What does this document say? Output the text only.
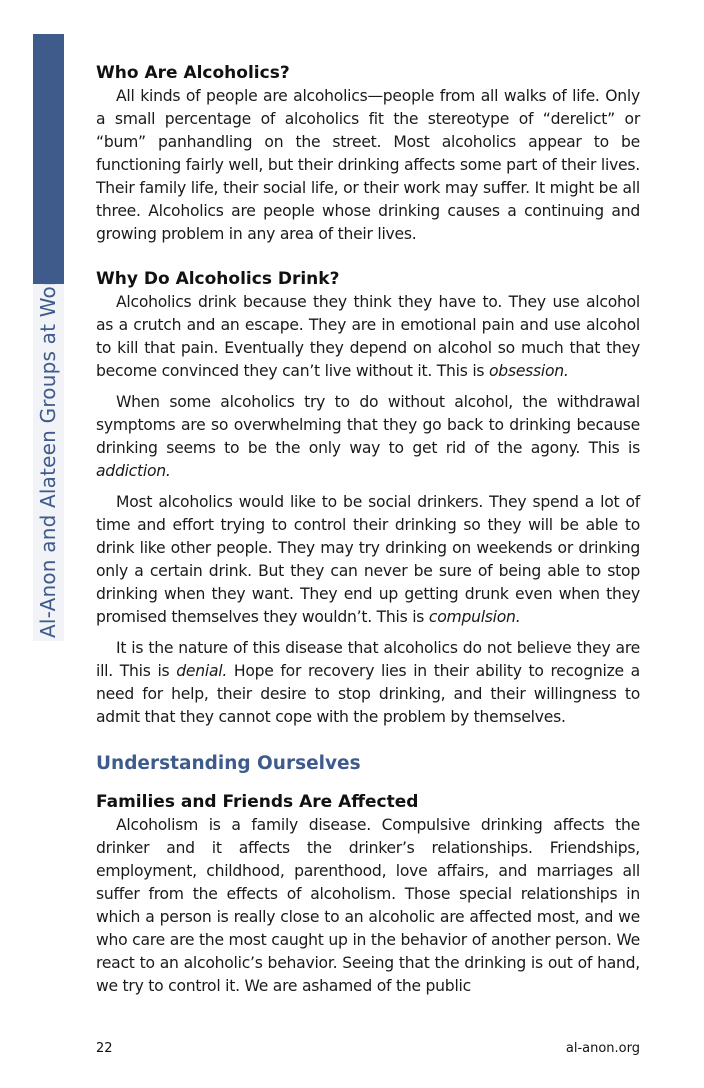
Al-Anon and Alateen Groups at Work
Who Are Alcoholics?

All kinds of people are alcoholics—people from all walks of life. Only a small percentage of alcoholics fit the stereotype of “derelict” or “bum” panhandling on the street. Most alcoholics appear to be functioning fairly well, but their drinking affects some part of their lives. Their family life, their social life, or their work may suffer. It might be all three. Alcoholics are people whose drinking causes a continuing and growing problem in any area of their lives.

Why Do Alcoholics Drink?

Alcoholics drink because they think they have to. They use alcohol as a crutch and an escape. They are in emotional pain and use alcohol to kill that pain. Eventually they depend on alcohol so much that they become convinced they can’t live without it. This is obsession.

When some alcoholics try to do without alcohol, the withdrawal symptoms are so overwhelming that they go back to drinking because drinking seems to be the only way to get rid of the agony. This is addiction.

Most alcoholics would like to be social drinkers. They spend a lot of time and effort trying to control their drinking so they will be able to drink like other people. They may try drinking on weekends or drinking only a certain drink. But they can never be sure of being able to stop drinking when they want. They end up getting drunk even when they promised themselves they wouldn’t. This is compulsion.

It is the nature of this disease that alcoholics do not believe they are ill. This is denial. Hope for recovery lies in their ability to recognize a need for help, their desire to stop drinking, and their willingness to admit that they cannot cope with the problem by themselves.

Understanding Ourselves
Families and Friends Are Affected

Alcoholism is a family disease. Compulsive drinking affects the drinker and it affects the drinker’s relationships. Friendships, employment, childhood, parenthood, love affairs, and marriages all suffer from the effects of alcoholism. Those special relationships in which a person is really close to an alcoholic are affected most, and we who care are the most caught up in the behavior of another person. We react to an alcoholic’s behavior. Seeing that the drinking is out of hand, we try to control it. We are ashamed of the public

22	al-anon.org
